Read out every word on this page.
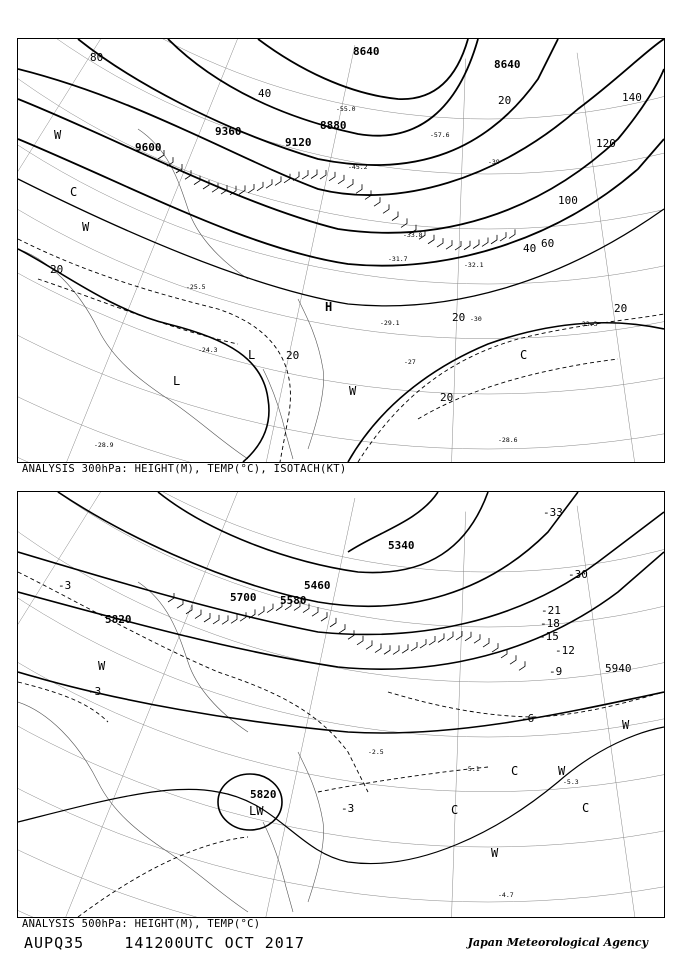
8640
8640
8880
9120
9360
9600
20
40
60
80
100
120
140
20
40
20
20
20
20
-39
-45.2
-33.8
-32.1
-29.1
-28.6
-27
-30
-31.7
-33.3
-25.5
-24.3
-28.9
-57.6
-55.0
H
L
L
C
C
W
W
W
ANALYSIS 300hPa: HEIGHT(M), TEMP(°C), ISOTACH(KT)
5820
5700 5580
5460
5340
5820
5940
-3
-3
-3
-6
-9
-12
-15
-18
-21
-30
-33
-5.1
-5.3
-4.7
-2.5
W
W
W
W
C
C
C
LW
ANALYSIS 500hPa: HEIGHT(M), TEMP(°C)
AUPQ35	141200UTC OCT 2017	Japan Meteorological Agency
